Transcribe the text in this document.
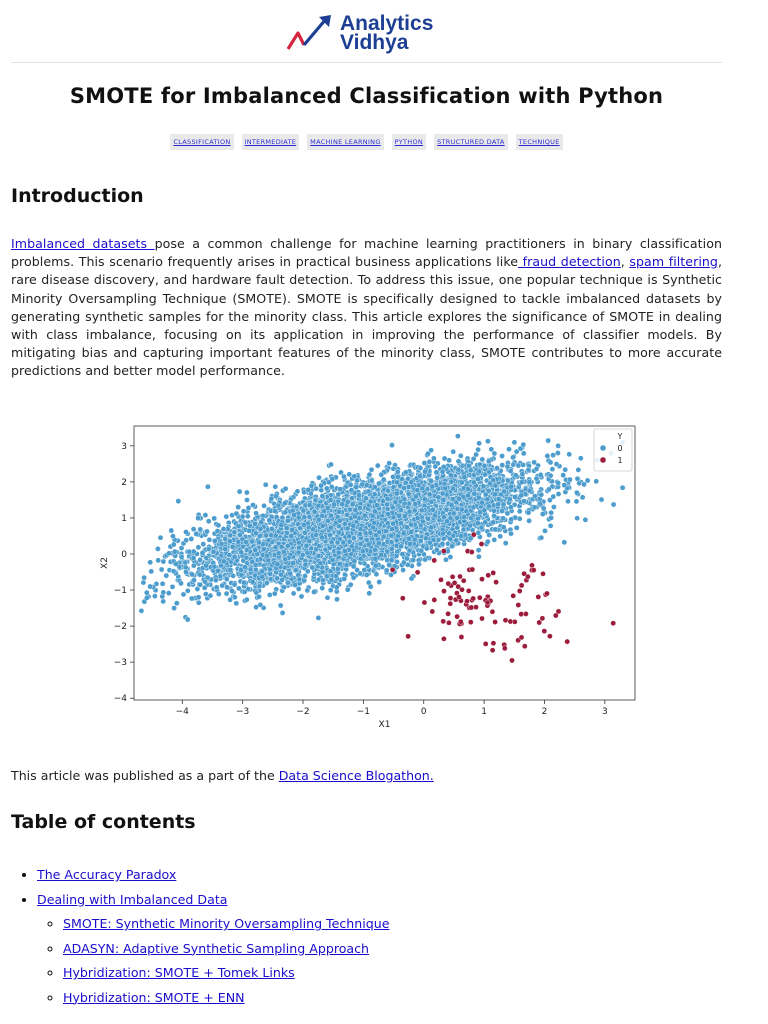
Analytics
Vidhya
SMOTE for Imbalanced Classification with Python
CLASSIFICATION	INTERMEDIATE	MACHINE LEARNING	PYTHON	STRUCTURED DATA	TECHNIQUE
Introduction

Imbalanced datasets pose a common challenge for machine learning practitioners in binary classification problems. This scenario frequently arises in practical business applications like fraud detection, spam filtering, rare disease discovery, and hardware fault detection. To address this issue, one popular technique is Synthetic Minority Oversampling Technique (SMOTE). SMOTE is specifically designed to tackle imbalanced datasets by generating synthetic samples for the minority class. This article explores the significance of SMOTE in dealing with class imbalance, focusing on its application in improving the performance of classifier models. By mitigating bias and capturing important features of the minority class, SMOTE contributes to more accurate predictions and better model performance.

−4	−3	−2	−1	0	1	2	3
−4
−3
−2
−1
0
1
2
3
X1
X2
Y
0
1

This article was published as a part of the Data Science Blogathon.

Table of contents
• The Accuracy Paradox
• Dealing with Imbalanced Data
◦ SMOTE: Synthetic Minority Oversampling Technique
◦ ADASYN: Adaptive Synthetic Sampling Approach
◦ Hybridization: SMOTE + Tomek Links
◦ Hybridization: SMOTE + ENN
